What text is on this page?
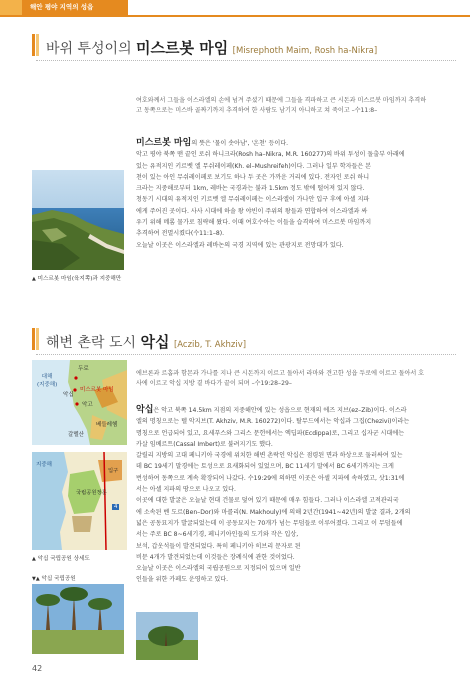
해안 평야 지역의 성읍
바위 투성이의 미스르봇 마임 [Misrephoth Maim, Rosh ha-Nikra]
여호와께서 그들을 이스라엘의 손에 넘겨 주셨기 때문에 그들을 격파하고 큰 시돈과 미스르봇 마임까지 추격하
고 동쪽으로는 미스바 골짜기까지 추격하여 한 사람도 남기지 아니하고 쳐 죽이고 –수11:8–
미스르봇 마임의 뜻은 '물이 솟아남', '온천' 등이다.
악고 평야 북쪽 맨 끝인 로쉬 하니크라(Rosh ha–Nikra, M.R. 160277)의 바위 투성이 돌출부 아래에
있는 유적지인 키르벳 엘 무쉬레이페(Kh. el–Mushreifeh)이다. 그러나 일부 학자들은 본
천이 있는 아인 무쉬레이페로 보기도 하나 두 곳은 가까운 거리에 있다. 전자인 로쉬 하니
크라는 지중해로부터 1km, 레바논 국경과는 불과 1.5km 정도 밖에 떨어져 있지 않다.
청동기 시대의 유적지인 키르벳 엘 무쉬레이페는 이스라엘이 가나안 입구 후에 아셀 지파
에게 주어진 곳이다. 사사 시대에 하솔 왕 야빈이 주위의 왕들과 연합하여 이스라엘과 싸
우기 위해 메롬 물가로 침략해 왔다. 이때 여호수아는 이들을 습격하여 미스르봇 마임까지
추격하여 전멸시켰다(수11:1–8).
오늘날 이곳은 이스라엘과 레바논의 국경 지역에 있는 관광지로 전망대가 있다.
▲ 미스르봇 마임(육지쪽)과 지중해만
해변 촌락 도시 악십 [Aczib, T. Akhziv]
에브론과 르홉과 함몬과 가나를 지나 큰 시돈까지 이르고 돌아서 라마와 견고한 성읍 두로에 이르고 돌아서 호
사에 이르고 악십 지방 곁 바다가 끝이 되며 –수19:28–29–
악십은 악고 북쪽 14.5km 지점의 지중해안에 있는 성읍으로 현재의 에즈 지브(ez–Zib)이다. 이스라
엘의 명칭으로는 텔 악지브(T. Akhziv, M.R. 160272)이다. 탈무드에서는 악십과 그집(Chezivi)이라는
명칭으로 언급되어 있고, 요세푸스와 그리스 문헌에서는 엑딥파(Ecdippa)로, 그리고 십자군 시대에는
카살 임베르트(Cassal Imbert)로 불려지기도 했다.
갈릴리 지방의 고대 페니키아 국경에 위치한 해변 촌락인 악십은 점령된 면과 하상으로 둘러싸여 있는
데 BC 19세기 말경에는 토성으로 요새화되어 있었으며, BC 11세기 말에서 BC 6세기까지는 크게
번성하여 동쪽으로 계속 확장되어 나갔다. 수19:29에 의하면 이곳은 아셀 지파에 속하였고, 삿1:31에
서는 아셀 지파의 땅으로 나오고 있다.
이곳에 대한 발굴은 오늘날 현대 건물로 덮여 있기 때문에 매우 힘들다. 그러나 이스라엘 고적관리국
에 소속된 벤 도르(Ben–Dor)와 마콜리(N. Makhouly)에 의해 2년간(1941~42년)의 발굴 결과, 2개의
넓은 공동묘지가 발굴되었는데 이 공동묘지는 70개가 넘는 무덤들로 이루어졌다. 그리고 이 무덤들에
서는 주로 BC 8~6세기경, 페니키아인들의 도기와 작은 입상,
보석, 갑옷석들이 발견되었다. 특히 페니키아 히브리 문자로 된
비문 4개가 발견되었는데 이것들은 장례식에 관한 것이었다.
오늘날 이곳은 이스라엘의 국립공원으로 지정되어 있으며 일반
인들을 위한 카페도 운영하고 있다.
두로
대해
(지중해)
미스르봇 마임
악십
악고
베들레헴
갈멜산
지중해
국립공원정문
입구
4
▲ 악십 국립공원 상세도
▼▲ 악십 국립공원
42
